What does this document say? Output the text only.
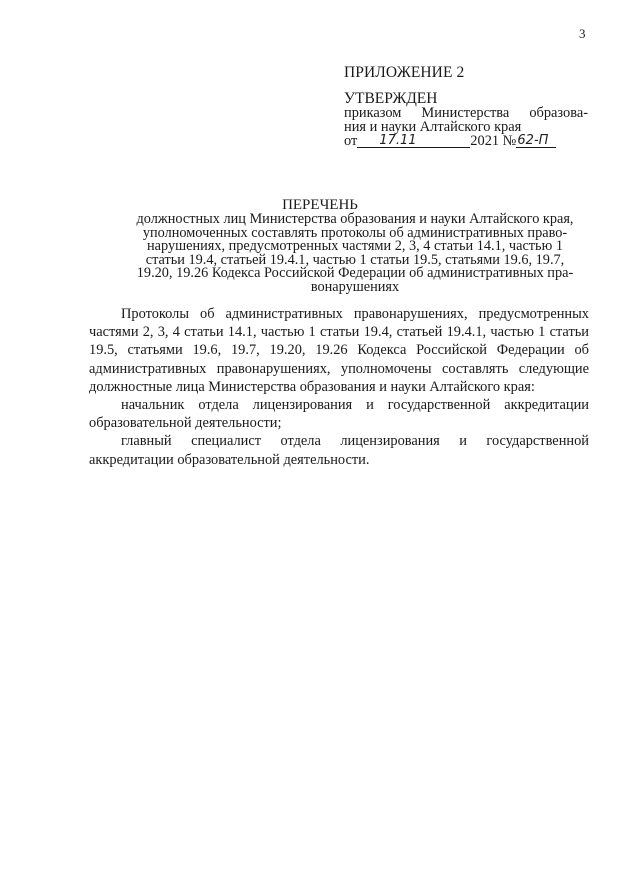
3
ПРИЛОЖЕНИЕ 2
УТВЕРЖДЕН
приказом Министерства образова-
ния и науки Алтайского края
от 17.11	2021 № 62-П
ПЕРЕЧЕНЬ
должностных лиц Министерства образования и науки Алтайского края,
уполномоченных составлять протоколы об административных право-
нарушениях, предусмотренных частями 2, 3, 4 статьи 14.1, частью 1
статьи 19.4, статьей 19.4.1, частью 1 статьи 19.5, статьями 19.6, 19.7,
19.20, 19.26 Кодекса Российской Федерации об административных пра-
вонарушениях

Протоколы об административных правонарушениях, предусмотренных частями 2, 3, 4 статьи 14.1, частью 1 статьи 19.4, статьей 19.4.1, частью 1 статьи 19.5, статьями 19.6, 19.7, 19.20, 19.26 Кодекса Российской Федерации об административных правонарушениях, уполномочены составлять следующие должностные лица Министерства образования и науки Алтайского края:

начальник отдела лицензирования и государственной аккредитации образовательной деятельности;

главный специалист отдела лицензирования и государственной аккредитации образовательной деятельности.
